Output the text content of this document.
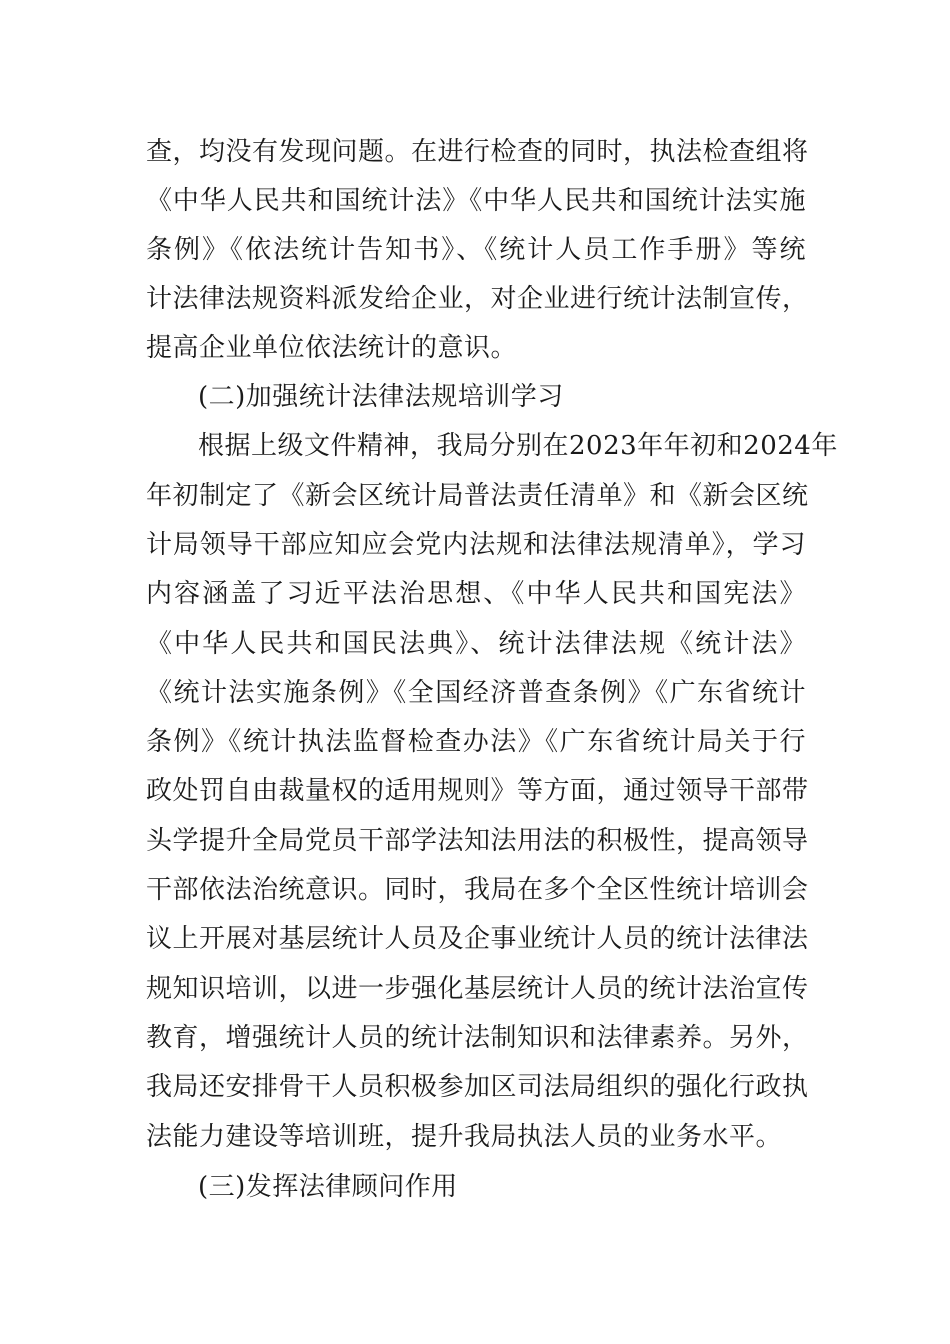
查，均没有发现问题。在进行检查的同时，执法检查组将
《中华人民共和国统计法》《中华人民共和国统计法实施
条例》《依法统计告知书》、《统计人员工作手册》等统
计法律法规资料派发给企业，对企业进行统计法制宣传，
提高企业单位依法统计的意识。
(二)加强统计法律法规培训学习
根据上级文件精神，我局分别在2023年年初和2024年
年初制定了《新会区统计局普法责任清单》和《新会区统
计局领导干部应知应会党内法规和法律法规清单》，学习
内容涵盖了习近平法治思想、《中华人民共和国宪法》
《中华人民共和国民法典》、统计法律法规《统计法》
《统计法实施条例》《全国经济普查条例》《广东省统计
条例》《统计执法监督检查办法》《广东省统计局关于行
政处罚自由裁量权的适用规则》等方面，通过领导干部带
头学提升全局党员干部学法知法用法的积极性，提高领导
干部依法治统意识。同时，我局在多个全区性统计培训会
议上开展对基层统计人员及企事业统计人员的统计法律法
规知识培训，以进一步强化基层统计人员的统计法治宣传
教育，增强统计人员的统计法制知识和法律素养。另外，
我局还安排骨干人员积极参加区司法局组织的强化行政执
法能力建设等培训班，提升我局执法人员的业务水平。
(三)发挥法律顾问作用
